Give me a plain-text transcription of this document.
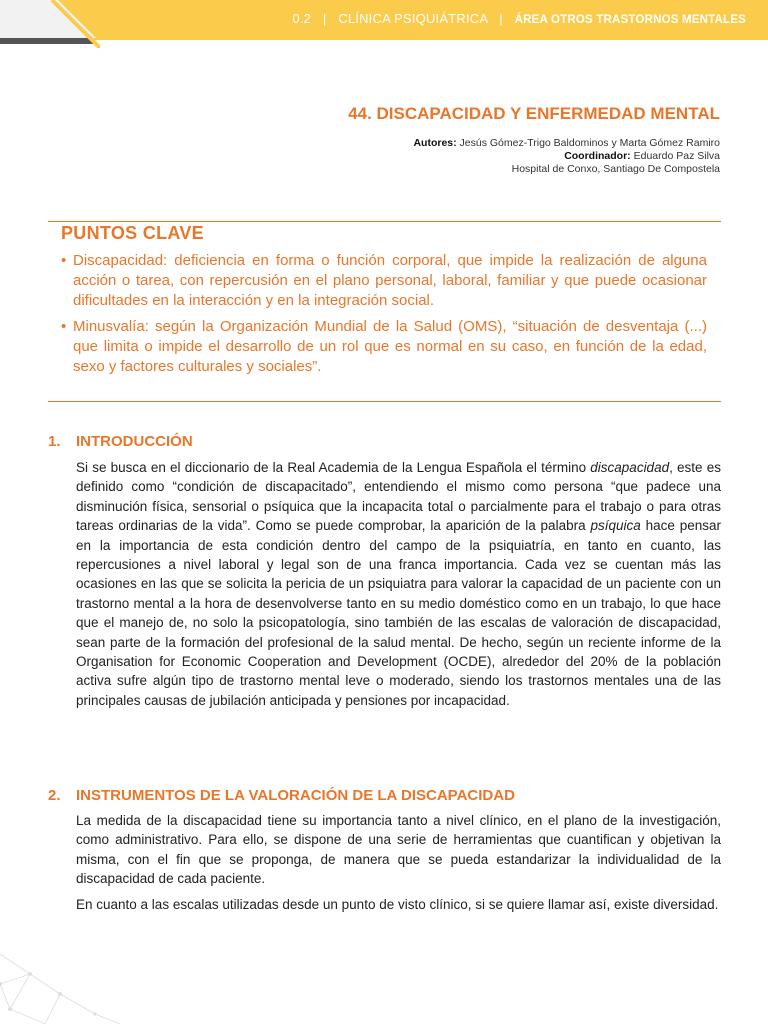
0.2 | CLÍNICA PSIQUIÁTRICA | ÁREA OTROS TRASTORNOS MENTALES
44. DISCAPACIDAD Y ENFERMEDAD MENTAL
Autores: Jesús Gómez-Trigo Baldominos y Marta Gómez Ramiro
Coordinador: Eduardo Paz Silva
Hospital de Conxo, Santiago De Compostela
PUNTOS CLAVE
• Discapacidad: deficiencia en forma o función corporal, que impide la realización de alguna acción o tarea, con repercusión en el plano personal, laboral, familiar y que puede ocasionar dificultades en la interacción y en la integración social.
• Minusvalía: según la Organización Mundial de la Salud (OMS), “situación de desventaja (...) que limita o impide el desarrollo de un rol que es normal en su caso, en función de la edad, sexo y factores culturales y sociales”.
1. INTRODUCCIÓN

Si se busca en el diccionario de la Real Academia de la Lengua Española el término discapacidad, este es definido como “condición de discapacitado”, entendiendo el mismo como persona “que padece una disminución física, sensorial o psíquica que la incapacita total o parcialmente para el trabajo o para otras tareas ordinarias de la vida”. Como se puede comprobar, la aparición de la palabra psíquica hace pensar en la importancia de esta condición dentro del campo de la psiquiatría, en tanto en cuanto, las repercusiones a nivel laboral y legal son de una franca importancia. Cada vez se cuentan más las ocasiones en las que se solicita la pericia de un psiquiatra para valorar la capacidad de un paciente con un trastorno mental a la hora de desenvolverse tanto en su medio doméstico como en un trabajo, lo que hace que el manejo de, no solo la psicopatología, sino también de las escalas de valoración de discapacidad, sean parte de la formación del profesional de la salud mental. De hecho, según un reciente informe de la Organisation for Economic Cooperation and Development (OCDE), alrededor del 20% de la población activa sufre algún tipo de trastorno mental leve o moderado, siendo los trastornos mentales una de las principales causas de jubilación anticipada y pensiones por incapacidad.

2. INSTRUMENTOS DE LA VALORACIÓN DE LA DISCAPACIDAD

La medida de la discapacidad tiene su importancia tanto a nivel clínico, en el plano de la investigación, como administrativo. Para ello, se dispone de una serie de herramientas que cuantifican y objetivan la misma, con el fin que se proponga, de manera que se pueda estandarizar la individualidad de la discapacidad de cada paciente.

En cuanto a las escalas utilizadas desde un punto de visto clínico, si se quiere llamar así, existe diversidad.
